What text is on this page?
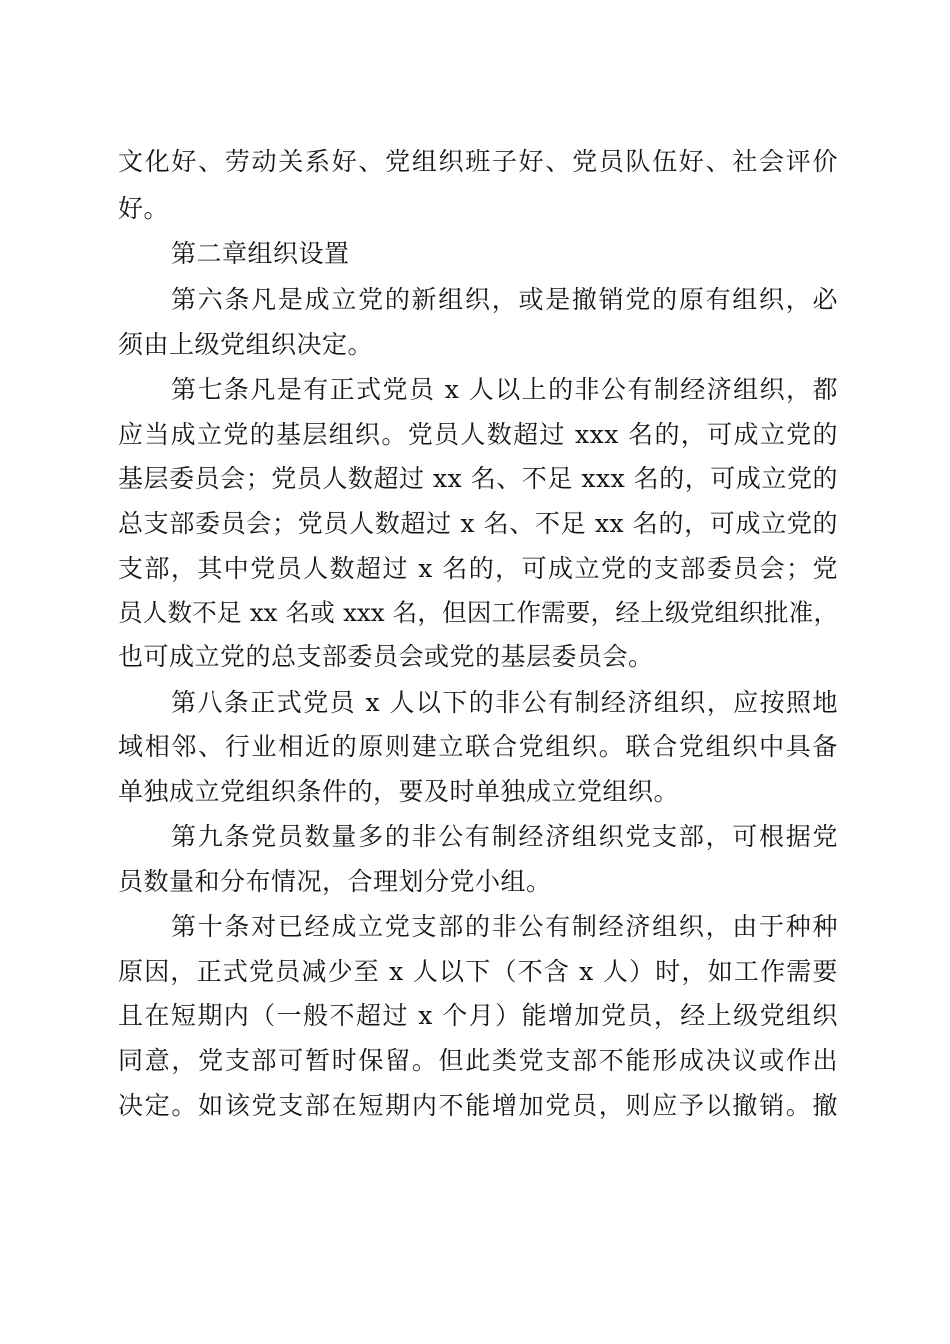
文化好、劳动关系好、党组织班子好、党员队伍好、社会评价
好。
第二章组织设置
第六条凡是成立党的新组织，或是撤销党的原有组织，必
须由上级党组织决定。
第七条凡是有正式党员 x 人以上的非公有制经济组织，都
应当成立党的基层组织。党员人数超过 xxx 名的，可成立党的
基层委员会；党员人数超过 xx 名、不足 xxx 名的，可成立党的
总支部委员会；党员人数超过 x 名、不足 xx 名的，可成立党的
支部，其中党员人数超过 x 名的，可成立党的支部委员会；党
员人数不足 xx 名或 xxx 名，但因工作需要，经上级党组织批准，
也可成立党的总支部委员会或党的基层委员会。
第八条正式党员 x 人以下的非公有制经济组织，应按照地
域相邻、行业相近的原则建立联合党组织。联合党组织中具备
单独成立党组织条件的，要及时单独成立党组织。
第九条党员数量多的非公有制经济组织党支部，可根据党
员数量和分布情况，合理划分党小组。
第十条对已经成立党支部的非公有制经济组织，由于种种
原因，正式党员减少至 x 人以下（不含 x 人）时，如工作需要
且在短期内（一般不超过 x 个月）能增加党员，经上级党组织
同意，党支部可暂时保留。但此类党支部不能形成决议或作出
决定。如该党支部在短期内不能增加党员，则应予以撤销。撤
